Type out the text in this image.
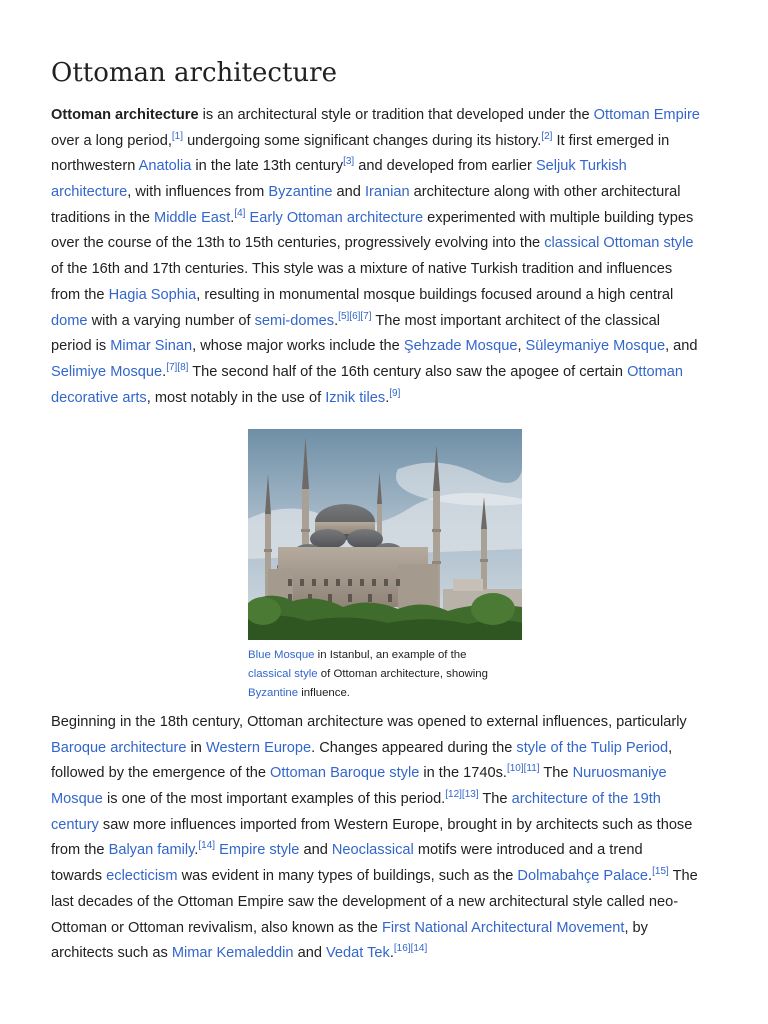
Ottoman architecture
Ottoman architecture is an architectural style or tradition that developed under the Ottoman Empire
over a long period,[1] undergoing some significant changes during its history.[2] It first emerged in
northwestern Anatolia in the late 13th century[3] and developed from earlier Seljuk Turkish
architecture, with influences from Byzantine and Iranian architecture along with other architectural
traditions in the Middle East.[4] Early Ottoman architecture experimented with multiple building types
over the course of the 13th to 15th centuries, progressively evolving into the classical Ottoman style
of the 16th and 17th centuries. This style was a mixture of native Turkish tradition and influences
from the Hagia Sophia, resulting in monumental mosque buildings focused around a high central
dome with a varying number of semi-domes.[5][6][7] The most important architect of the classical
period is Mimar Sinan, whose major works include the Şehzade Mosque, Süleymaniye Mosque, and
Selimiye Mosque.[7][8] The second half of the 16th century also saw the apogee of certain Ottoman
decorative arts, most notably in the use of Iznik tiles.[9]
Blue Mosque in Istanbul, an example of the
classical style of Ottoman architecture, showing
Byzantine influence.
Beginning in the 18th century, Ottoman architecture was opened to external influences, particularly
Baroque architecture in Western Europe. Changes appeared during the style of the Tulip Period,
followed by the emergence of the Ottoman Baroque style in the 1740s.[10][11] The Nuruosmaniye
Mosque is one of the most important examples of this period.[12][13] The architecture of the 19th
century saw more influences imported from Western Europe, brought in by architects such as those
from the Balyan family.[14] Empire style and Neoclassical motifs were introduced and a trend
towards eclecticism was evident in many types of buildings, such as the Dolmabahçe Palace.[15] The
last decades of the Ottoman Empire saw the development of a new architectural style called neo-
Ottoman or Ottoman revivalism, also known as the First National Architectural Movement, by
architects such as Mimar Kemaleddin and Vedat Tek.[16][14]
